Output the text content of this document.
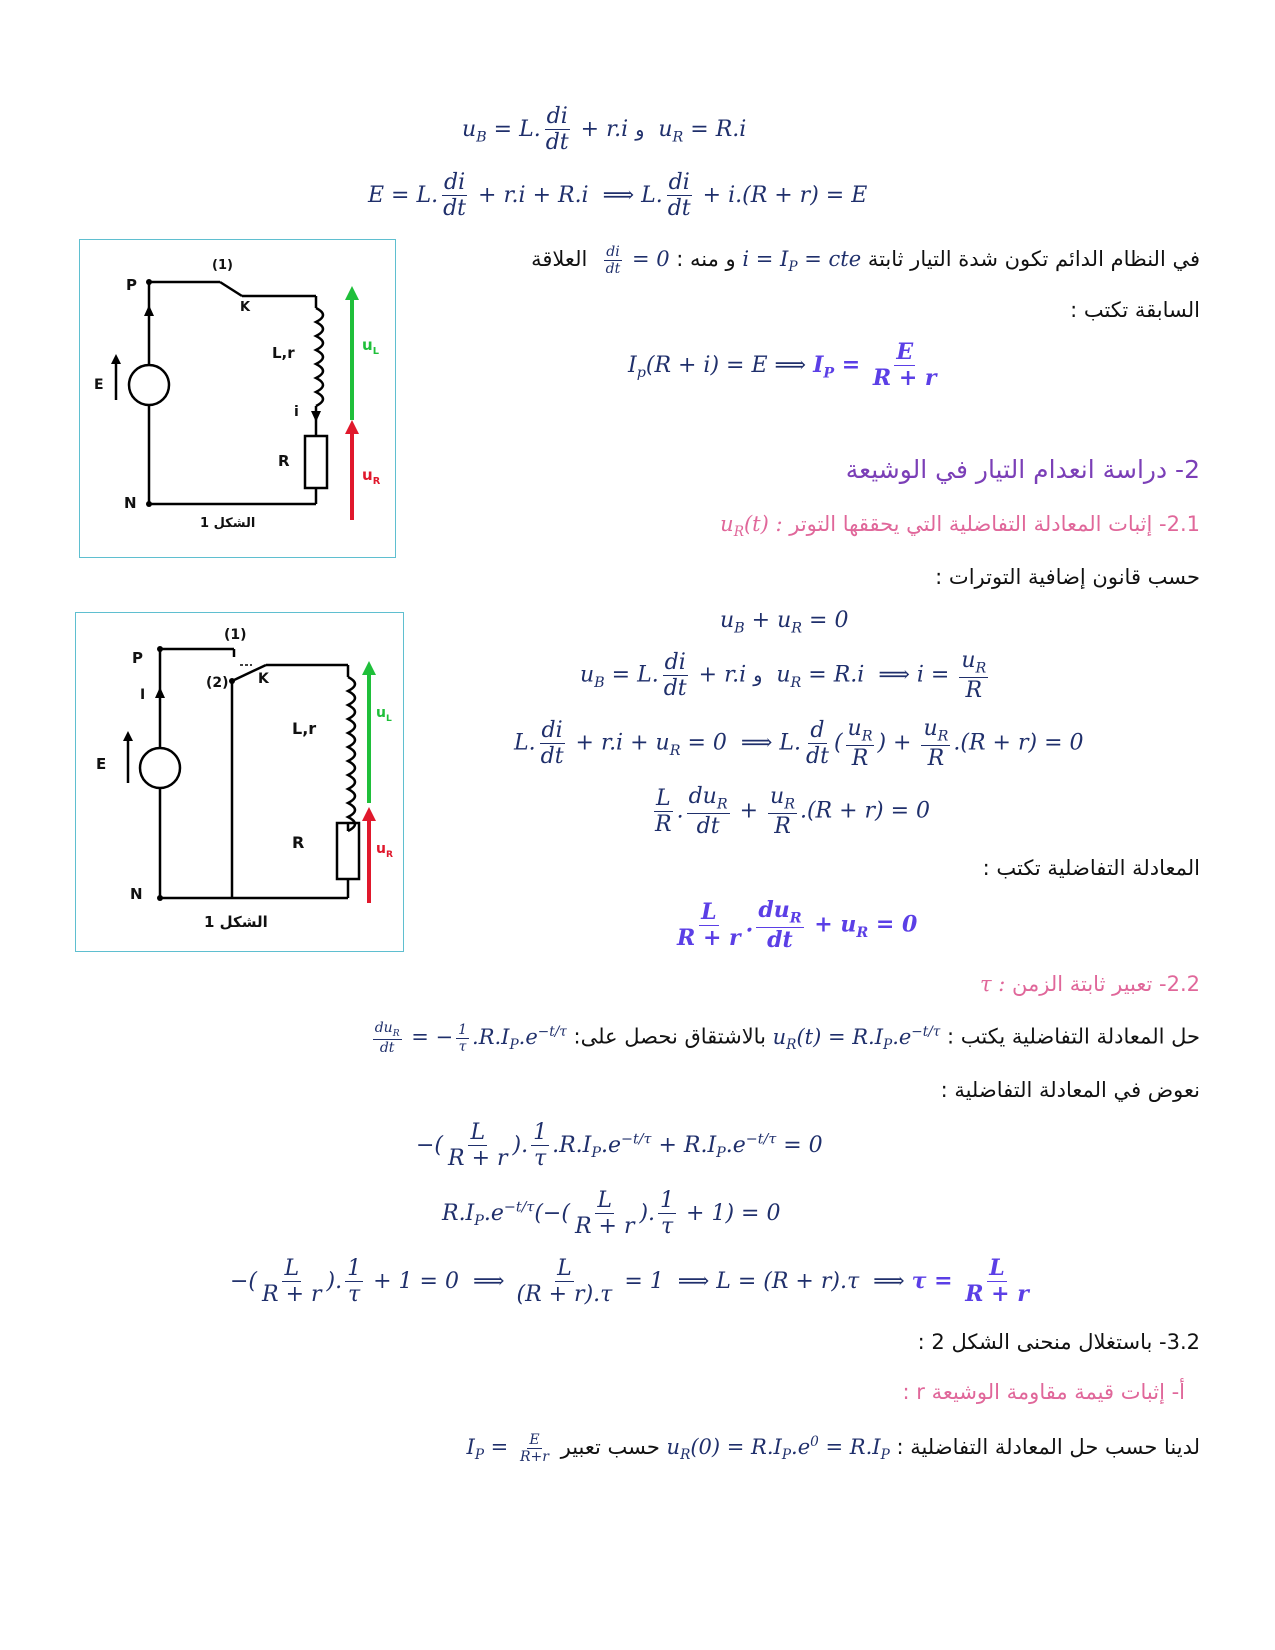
$u_B = L$. $\frac{di}{dt} + r.i$ و  $u_R = R.i$
E = L. $\frac{di}{dt} + r.i + R.i$  ⟹ L. $\frac{di}{dt} + i.(R + r) = E$
في النظام الدائم تكون شدة التيار ثابتة $i = I_P$ = cte و منه :
$\frac{di}{dt} = 0$  العلاقة
السابقة تكتب :
$I_p(R + i) = E$ ⟹ $I_P = \frac{E}{R + r}$
2- دراسة انعدام التيار في الوشيعة
2.1- إثبات المعادلة التفاضلية التي يحققها التوتر $u_R(t)$ :
حسب قانون إضافية التوترات :
$u_B + u_R = 0$
$u_B = L$. $\frac{di}{dt} + r.i$ و  $u_R = R.i$  ⟹ $i = \frac{u_R}{R}$
L. $\frac{di}{dt} + r.i + u_R = 0$  ⟹ L. $\frac{d}{dt}$ ( $\frac{u_R}{R}$ ) + $\frac{u_R}{R} .(R + r) = 0$
$\frac{L}{R}$ . $\frac{du_R}{dt} + \frac{u_R}{R} .(R + r) = 0$
المعادلة التفاضلية تكتب :
$\frac{L}{R + r}$ . $\frac{du_R}{dt} + u_R = 0$
2.2- تعبير ثابتة الزمن τ :
حل المعادلة التفاضلية يكتب : $u_R(t) = R.I_P.e^{-t/\tau}$ بالاشتقاق نحصل على:
$\frac{du_R}{dt}$ = − $\frac{1}{\tau} .R.I_P.e^{-t/\tau}$
نعوض في المعادلة التفاضلية :
−( $\frac{L}{R + r}$ ). $\frac{1}{\tau} .R.I_P.e^{-t/\tau} + R.I_P.e^{-t/\tau} = 0$
$R.I_P.e^{-t/\tau}(-( \frac{L}{R + r}$ ). $\frac{1}{\tau} + 1) = 0$
−( $\frac{L}{R + r}$ ). $\frac{1}{\tau} + 1 = 0$  ⟹ $\frac{L}{(R + r).\tau} = 1$  ⟹ L = (R + r).τ  ⟹ $\tau = \frac{L}{R + r}$
3.2- باستغلال منحنى الشكل 2 :
أ- إثبات قيمة مقاومة الوشيعة r :
لدينا حسب حل المعادلة التفاضلية : $u_R(0) = R.I_P.e^0 = R.I_P$ حسب تعبير $I_P = \frac{E}{R+r}$
P
(1)
K
E
L,r
i
R
N
$u_L$
$u_R$
الشكل 1
P
(1)
(2) K
I
E
L,r
R
N
$u_L$
$u_R$
الشكل 1
